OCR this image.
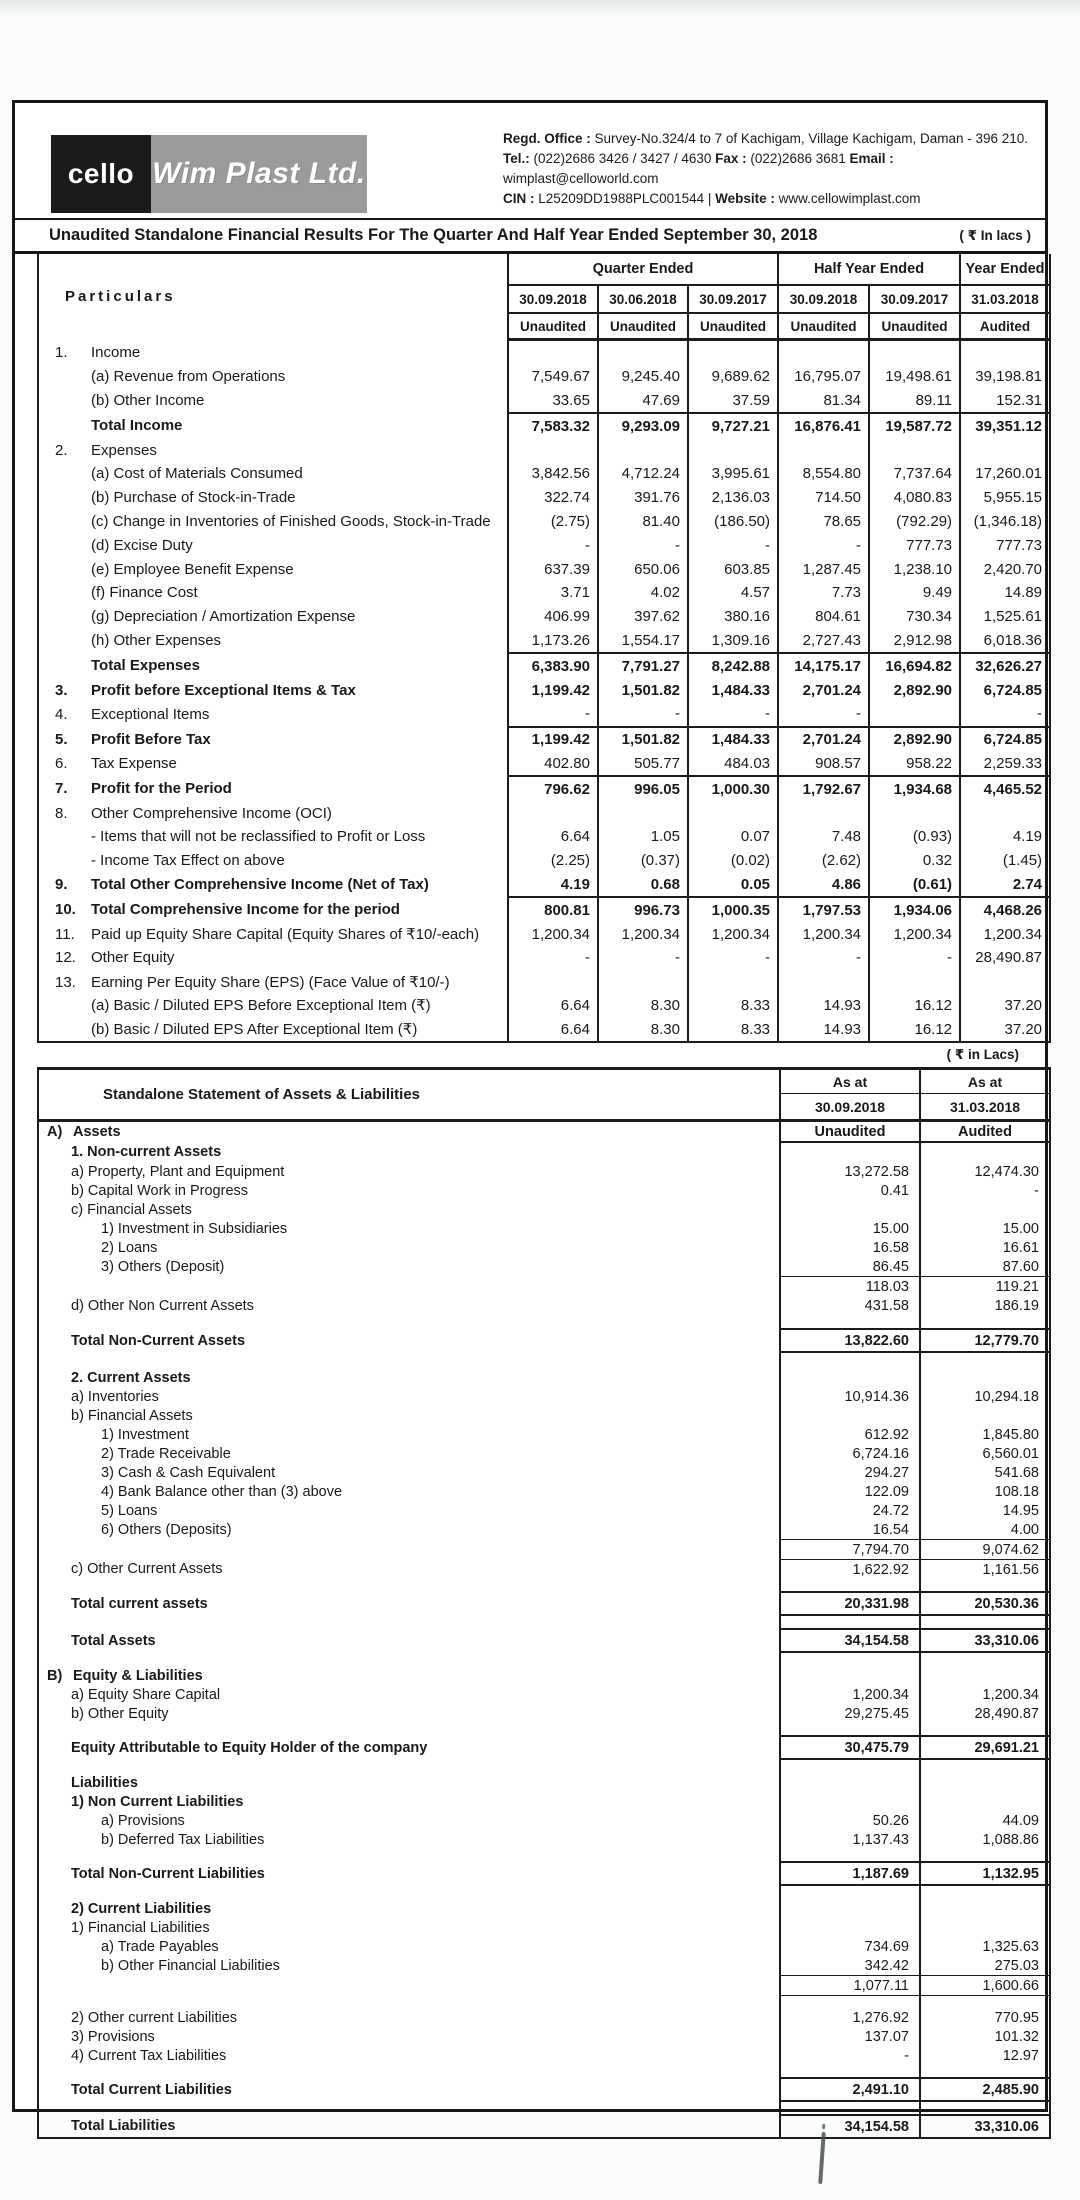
cello Wim Plast Ltd.
Regd. Office : Survey-No.324/4 to 7 of Kachigam, Village Kachigam, Daman - 396 210.
Tel.: (022)2686 3426 / 3427 / 4630 Fax : (022)2686 3681 Email : wimplast@celloworld.com
CIN : L25209DD1988PLC001544 | Website : www.cellowimplast.com
Unaudited Standalone Financial Results For The Quarter And Half Year Ended September 30, 2018	( ₹ In lacs )
Particulars	Quarter Ended			Half Year Ended		Year Ended
	30.09.2018	30.06.2018	30.09.2017	30.09.2018	30.09.2017	31.03.2018
	Unaudited	Unaudited	Unaudited	Unaudited	Unaudited	Audited
1. Income						
(a) Revenue from Operations	7,549.67	9,245.40	9,689.62	16,795.07	19,498.61	39,198.81
(b) Other Income	33.65	47.69	37.59	81.34	89.11	152.31
Total Income	7,583.32	9,293.09	9,727.21	16,876.41	19,587.72	39,351.12
2. Expenses						
(a) Cost of Materials Consumed	3,842.56	4,712.24	3,995.61	8,554.80	7,737.64	17,260.01
(b) Purchase of Stock-in-Trade	322.74	391.76	2,136.03	714.50	4,080.83	5,955.15
(c) Change in Inventories of Finished Goods, Stock-in-Trade	(2.75)	81.40	(186.50)	78.65	(792.29)	(1,346.18)
(d) Excise Duty	-	-	-	-	777.73	777.73
(e) Employee Benefit Expense	637.39	650.06	603.85	1,287.45	1,238.10	2,420.70
(f) Finance Cost	3.71	4.02	4.57	7.73	9.49	14.89
(g) Depreciation / Amortization Expense	406.99	397.62	380.16	804.61	730.34	1,525.61
(h) Other Expenses	1,173.26	1,554.17	1,309.16	2,727.43	2,912.98	6,018.36
Total Expenses	6,383.90	7,791.27	8,242.88	14,175.17	16,694.82	32,626.27
3. Profit before Exceptional Items & Tax	1,199.42	1,501.82	1,484.33	2,701.24	2,892.90	6,724.85
4. Exceptional Items	-	-	-	-		-
5. Profit Before Tax	1,199.42	1,501.82	1,484.33	2,701.24	2,892.90	6,724.85
6. Tax Expense	402.80	505.77	484.03	908.57	958.22	2,259.33
7. Profit for the Period	796.62	996.05	1,000.30	1,792.67	1,934.68	4,465.52
8. Other Comprehensive Income (OCI)						
- Items that will not be reclassified to Profit or Loss	6.64	1.05	0.07	7.48	(0.93)	4.19
- Income Tax Effect on above	(2.25)	(0.37)	(0.02)	(2.62)	0.32	(1.45)
9. Total Other Comprehensive Income (Net of Tax)	4.19	0.68	0.05	4.86	(0.61)	2.74
10. Total Comprehensive Income for the period	800.81	996.73	1,000.35	1,797.53	1,934.06	4,468.26
11. Paid up Equity Share Capital (Equity Shares of ₹10/-each)	1,200.34	1,200.34	1,200.34	1,200.34	1,200.34	1,200.34
12. Other Equity	-	-	-	-	-	28,490.87
13. Earning Per Equity Share (EPS) (Face Value of ₹10/-)						
(a) Basic / Diluted EPS Before Exceptional Item (₹)	6.64	8.30	8.33	14.93	16.12	37.20
(b) Basic / Diluted EPS After Exceptional Item (₹)	6.64	8.30	8.33	14.93	16.12	37.20
( ₹ in Lacs)
Standalone Statement of Assets & Liabilities	As at	As at
	30.09.2018	31.03.2018
A) Assets	Unaudited	Audited
1. Non-current Assets		
a) Property, Plant and Equipment	13,272.58	12,474.30
b) Capital Work in Progress	0.41	-
c) Financial Assets		
1) Investment in Subsidiaries	15.00	15.00
2) Loans	16.58	16.61
3) Others (Deposit)	86.45	87.60
	118.03	119.21
d) Other Non Current Assets	431.58	186.19

Total Non-Current Assets	13,822.60	12,779.70

2. Current Assets		
a) Inventories	10,914.36	10,294.18
b) Financial Assets		
1) Investment	612.92	1,845.80
2) Trade Receivable	6,724.16	6,560.01
3) Cash & Cash Equivalent	294.27	541.68
4) Bank Balance other than (3) above	122.09	108.18
5) Loans	24.72	14.95
6) Others (Deposits)	16.54	4.00
	7,794.70	9,074.62
c) Other Current Assets	1,622.92	1,161.56

Total current assets	20,331.98	20,530.36

Total Assets	34,154.58	33,310.06

B) Equity & Liabilities		
a) Equity Share Capital	1,200.34	1,200.34
b) Other Equity	29,275.45	28,490.87

Equity Attributable to Equity Holder of the company	30,475.79	29,691.21

Liabilities		
1) Non Current Liabilities		
a) Provisions	50.26	44.09
b) Deferred Tax Liabilities	1,137.43	1,088.86

Total Non-Current Liabilities	1,187.69	1,132.95

2) Current Liabilities		
1) Financial Liabilities		
a) Trade Payables	734.69	1,325.63
b) Other Financial Liabilities	342.42	275.03
	1,077.11	1,600.66

2) Other current Liabilities	1,276.92	770.95
3) Provisions	137.07	101.32
4) Current Tax Liabilities	-	12.97

Total Current Liabilities	2,491.10	2,485.90

Total Liabilities	34,154.58	33,310.06
